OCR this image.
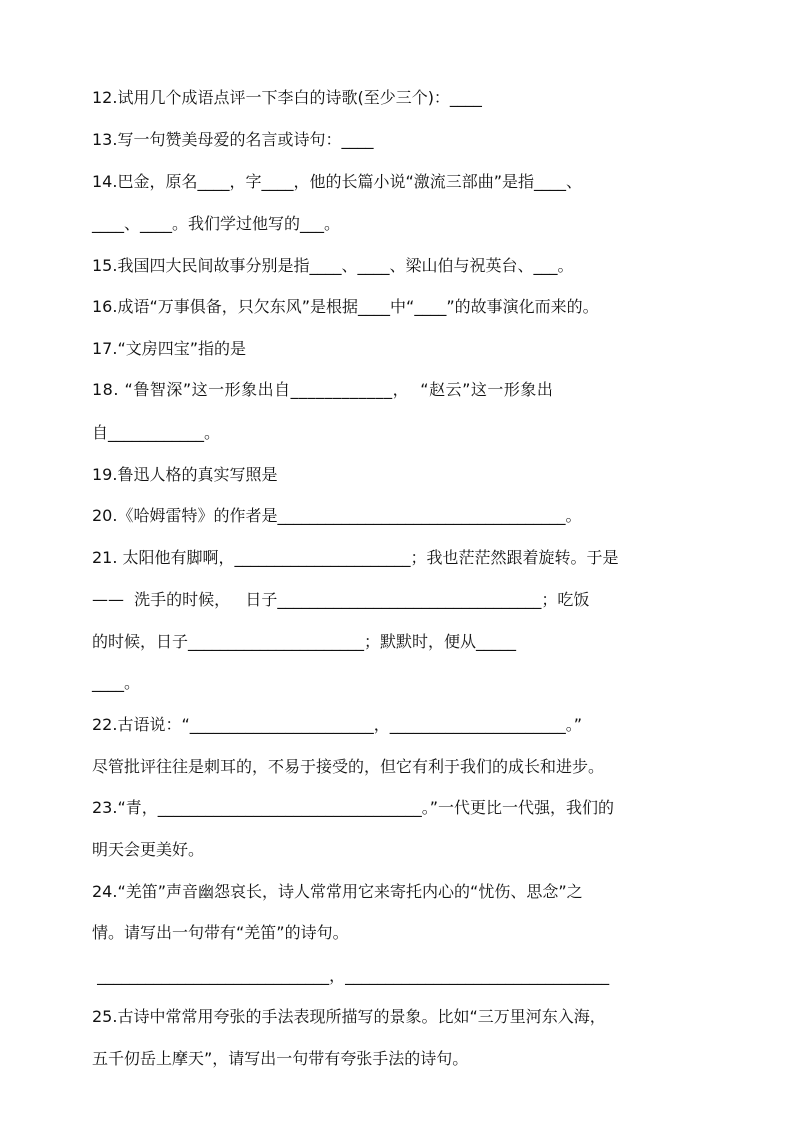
12.试用几个成语点评一下李白的诗歌(至少三个)：____
13.写一句赞美母爱的名言或诗句：____
14.巴金，原名____，字____，他的长篇小说“激流三部曲”是指____、
____、____。我们学过他写的___。
15.我国四大民间故事分别是指____、____、梁山伯与祝英台、___。
16.成语“万事俱备，只欠东风”是根据____中“____”的故事演化而来的。
17.“文房四宝”指的是
18. “鲁智深”这一形象出自____________，  “赵云”这一形象出
自____________。
19.鲁迅人格的真实写照是
20.《哈姆雷特》的作者是____________________________________。
21. 太阳他有脚啊，______________________；我也茫茫然跟着旋转。于是
——  洗手的时候，   日子_________________________________；吃饭
的时候，日子______________________；默默时，便从_____
____。
22.古语说：“_______________________，______________________。”
尽管批评往往是刺耳的，不易于接受的，但它有利于我们的成长和进步。
23.“青，_________________________________。”一代更比一代强，我们的
明天会更美好。
24.“羌笛”声音幽怨哀长，诗人常常用它来寄托内心的“忧伤、思念”之
情。请写出一句带有“羌笛”的诗句。
_____________________________，_________________________________
25.古诗中常常用夸张的手法表现所描写的景象。比如“三万里河东入海，
五千仞岳上摩天”，请写出一句带有夸张手法的诗句。
